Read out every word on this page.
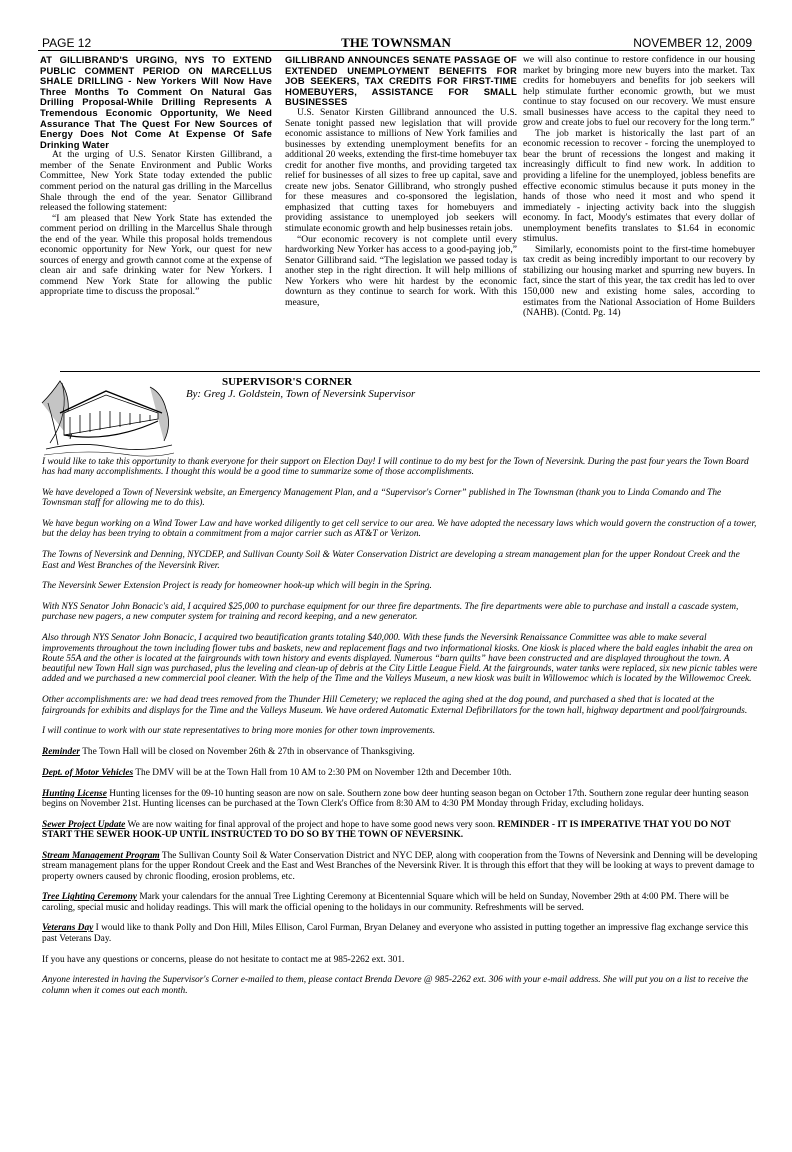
PAGE 12	THE TOWNSMAN	NOVEMBER 12, 2009

AT GILLIBRAND'S URGING, NYS TO EXTEND PUBLIC COMMENT PERIOD ON MARCELLUS SHALE DRILLING - New Yorkers Will Now Have Three Months To Comment On Natural Gas Drilling Proposal-While Drilling Represents A Tremendous Economic Opportunity, We Need Assurance That The Quest For New Sources of Energy Does Not Come At Expense Of Safe Drinking Water

At the urging of U.S. Senator Kirsten Gillibrand, a member of the Senate Environment and Public Works Committee, New York State today extended the public comment period on the natural gas drilling in the Marcellus Shale through the end of the year. Senator Gillibrand released the following statement:

“I am pleased that New York State has extended the comment period on drilling in the Marcellus Shale through the end of the year. While this proposal holds tremendous economic opportunity for New York, our quest for new sources of energy and growth cannot come at the expense of clean air and safe drinking water for New Yorkers. I commend New York State for allowing the public appropriate time to discuss the proposal.”

GILLIBRAND ANNOUNCES SENATE PASSAGE OF EXTENDED UNEMPLOYMENT BENEFITS FOR JOB SEEKERS, TAX CREDITS FOR FIRST-TIME HOMEBUYERS, ASSISTANCE FOR SMALL BUSINESSES

U.S. Senator Kirsten Gillibrand announced the U.S. Senate tonight passed new legislation that will provide economic assistance to millions of New York families and businesses by extending unemployment benefits for an additional 20 weeks, extending the first-time homebuyer tax credit for another five months, and providing targeted tax relief for businesses of all sizes to free up capital, save and create new jobs. Senator Gillibrand, who strongly pushed for these measures and co-sponsored the legislation, emphasized that cutting taxes for homebuyers and providing assistance to unemployed job seekers will stimulate economic growth and help businesses retain jobs.

“Our economic recovery is not complete until every hardworking New Yorker has access to a good-paying job,” Senator Gillibrand said. “The legislation we passed today is another step in the right direction. It will help millions of New Yorkers who were hit hardest by the economic downturn as they continue to search for work. With this measure,

we will also continue to restore confidence in our housing market by bringing more new buyers into the market. Tax credits for homebuyers and benefits for job seekers will help stimulate further economic growth, but we must continue to stay focused on our recovery. We must ensure small businesses have access to the capital they need to grow and create jobs to fuel our recovery for the long term.”

The job market is historically the last part of an economic recession to recover - forcing the unemployed to bear the brunt of recessions the longest and making it increasingly difficult to find new work. In addition to providing a lifeline for the unemployed, jobless benefits are effective economic stimulus because it puts money in the hands of those who need it most and who spend it immediately - injecting activity back into the sluggish economy. In fact, Moody's estimates that every dollar of unemployment benefits translates to $1.64 in economic stimulus.

Similarly, economists point to the first-time homebuyer tax credit as being incredibly important to our recovery by stabilizing our housing market and spurring new buyers. In fact, since the start of this year, the tax credit has led to over 150,000 new and existing home sales, according to estimates from the National Association of Home Builders (NAHB). (Contd. Pg. 14)

SUPERVISOR'S CORNER
By: Greg J. Goldstein, Town of Neversink Supervisor

I would like to take this opportunity to thank everyone for their support on Election Day! I will continue to do my best for the Town of Neversink. During the past four years the Town Board has had many accomplishments. I thought this would be a good time to summarize some of those accomplishments.

We have developed a Town of Neversink website, an Emergency Management Plan, and a “Supervisor's Corner” published in The Townsman (thank you to Linda Comando and The Townsman staff for allowing me to do this).

We have begun working on a Wind Tower Law and have worked diligently to get cell service to our area. We have adopted the necessary laws which would govern the construction of a tower, but the delay has been trying to obtain a commitment from a major carrier such as AT&T or Verizon.

The Towns of Neversink and Denning, NYCDEP, and Sullivan County Soil & Water Conservation District are developing a stream management plan for the upper Rondout Creek and the East and West Branches of the Neversink River.

The Neversink Sewer Extension Project is ready for homeowner hook-up which will begin in the Spring.

With NYS Senator John Bonacic's aid, I acquired $25,000 to purchase equipment for our three fire departments. The fire departments were able to purchase and install a cascade system, purchase new pagers, a new computer system for training and record keeping, and a new generator.

Also through NYS Senator John Bonacic, I acquired two beautification grants totaling $40,000. With these funds the Neversink Renaissance Committee was able to make several improvements throughout the town including flower tubs and baskets, new and replacement flags and two informational kiosks. One kiosk is placed where the bald eagles inhabit the area on Route 55A and the other is located at the fairgrounds with town history and events displayed. Numerous “barn quilts” have been constructed and are displayed throughout the town. A beautiful new Town Hall sign was purchased, plus the leveling and clean-up of debris at the City Little League Field. At the fairgrounds, water tanks were replaced, six new picnic tables were added and we purchased a new commercial pool cleaner. With the help of the Time and the Valleys Museum, a new kiosk was built in Willowemoc which is located by the Willowemoc Creek.

Other accomplishments are: we had dead trees removed from the Thunder Hill Cemetery; we replaced the aging shed at the dog pound, and purchased a shed that is located at the fairgrounds for exhibits and displays for the Time and the Valleys Museum. We have ordered Automatic External Defibrillators for the town hall, highway department and pool/fairgrounds.

I will continue to work with our state representatives to bring more monies for other town improvements.

Reminder The Town Hall will be closed on November 26th & 27th in observance of Thanksgiving.

Dept. of Motor Vehicles The DMV will be at the Town Hall from 10 AM to 2:30 PM on November 12th and December 10th.

Hunting License Hunting licenses for the 09-10 hunting season are now on sale. Southern zone bow deer hunting season began on October 17th. Southern zone regular deer hunting season begins on November 21st. Hunting licenses can be purchased at the Town Clerk's Office from 8:30 AM to 4:30 PM Monday through Friday, excluding holidays.

Sewer Project Update We are now waiting for final approval of the project and hope to have some good news very soon. REMINDER - IT IS IMPERATIVE THAT YOU DO NOT START THE SEWER HOOK-UP UNTIL INSTRUCTED TO DO SO BY THE TOWN OF NEVERSINK.

Stream Management Program The Sullivan County Soil & Water Conservation District and NYC DEP, along with cooperation from the Towns of Neversink and Denning will be developing stream management plans for the upper Rondout Creek and the East and West Branches of the Neversink River. It is through this effort that they will be looking at ways to prevent damage to property owners caused by chronic flooding, erosion problems, etc.

Tree Lighting Ceremony Mark your calendars for the annual Tree Lighting Ceremony at Bicentennial Square which will be held on Sunday, November 29th at 4:00 PM. There will be caroling, special music and holiday readings. This will mark the official opening to the holidays in our community. Refreshments will be served.

Veterans Day I would like to thank Polly and Don Hill, Miles Ellison, Carol Furman, Bryan Delaney and everyone who assisted in putting together an impressive flag exchange service this past Veterans Day.

If you have any questions or concerns, please do not hesitate to contact me at 985-2262 ext. 301.

Anyone interested in having the Supervisor's Corner e-mailed to them, please contact Brenda Devore @ 985-2262 ext. 306 with your e-mail address. She will put you on a list to receive the column when it comes out each month.
